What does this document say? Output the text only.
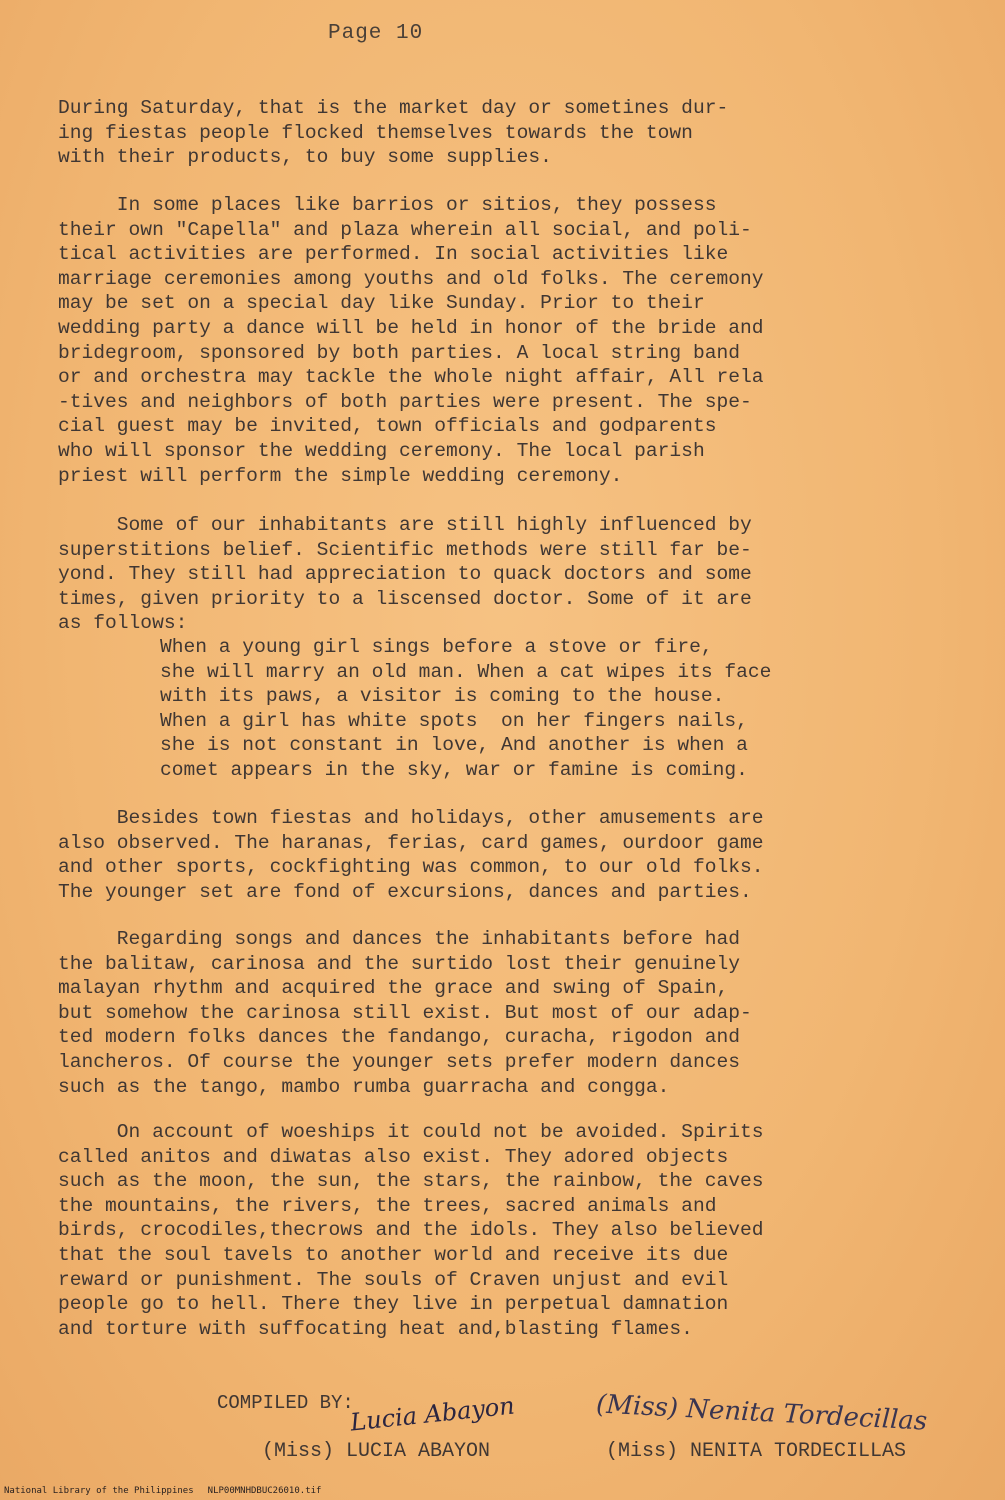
Page 10
During Saturday, that is the market day or sometines dur-
ing fiestas people flocked themselves towards the town
with their products, to buy some supplies.
In some places like barrios or sitios, they possess
their own "Capella" and plaza wherein all social, and poli-
tical activities are performed. In social activities like
marriage ceremonies among youths and old folks. The ceremony
may be set on a special day like Sunday. Prior to their
wedding party a dance will be held in honor of the bride and
bridegroom, sponsored by both parties. A local string band
or and orchestra may tackle the whole night affair, All rela
-tives and neighbors of both parties were present. The spe-
cial guest may be invited, town officials and godparents
who will sponsor the wedding ceremony. The local parish
priest will perform the simple wedding ceremony.
Some of our inhabitants are still highly influenced by
superstitions belief. Scientific methods were still far be-
yond. They still had appreciation to quack doctors and some
times, given priority to a liscensed doctor. Some of it are
as follows:
When a young girl sings before a stove or fire,
she will marry an old man. When a cat wipes its face
with its paws, a visitor is coming to the house.
When a girl has white spots  on her fingers nails,
she is not constant in love, And another is when a
comet appears in the sky, war or famine is coming.
Besides town fiestas and holidays, other amusements are
also observed. The haranas, ferias, card games, ourdoor game
and other sports, cockfighting was common, to our old folks.
The younger set are fond of excursions, dances and parties.
Regarding songs and dances the inhabitants before had
the balitaw, carinosa and the surtido lost their genuinely
malayan rhythm and acquired the grace and swing of Spain,
but somehow the carinosa still exist. But most of our adap-
ted modern folks dances the fandango, curacha, rigodon and
lancheros. Of course the younger sets prefer modern dances
such as the tango, mambo rumba guarracha and congga.
On account of woeships it could not be avoided. Spirits
called anitos and diwatas also exist. They adored objects
such as the moon, the sun, the stars, the rainbow, the caves
the mountains, the rivers, the trees, sacred animals and
birds, crocodiles,thecrows and the idols. They also believed
that the soul tavels to another world and receive its due
reward or punishment. The souls of Craven unjust and evil
people go to hell. There they live in perpetual damnation
and torture with suffocating heat and,blasting flames.
COMPILED BY:
Lucia Abayon
(Miss) LUCIA ABAYON
(Miss) Nenita Tordecillas
(Miss) NENITA TORDECILLAS
National Library of the Philippines NLP00MNHDBUC26010.tif
